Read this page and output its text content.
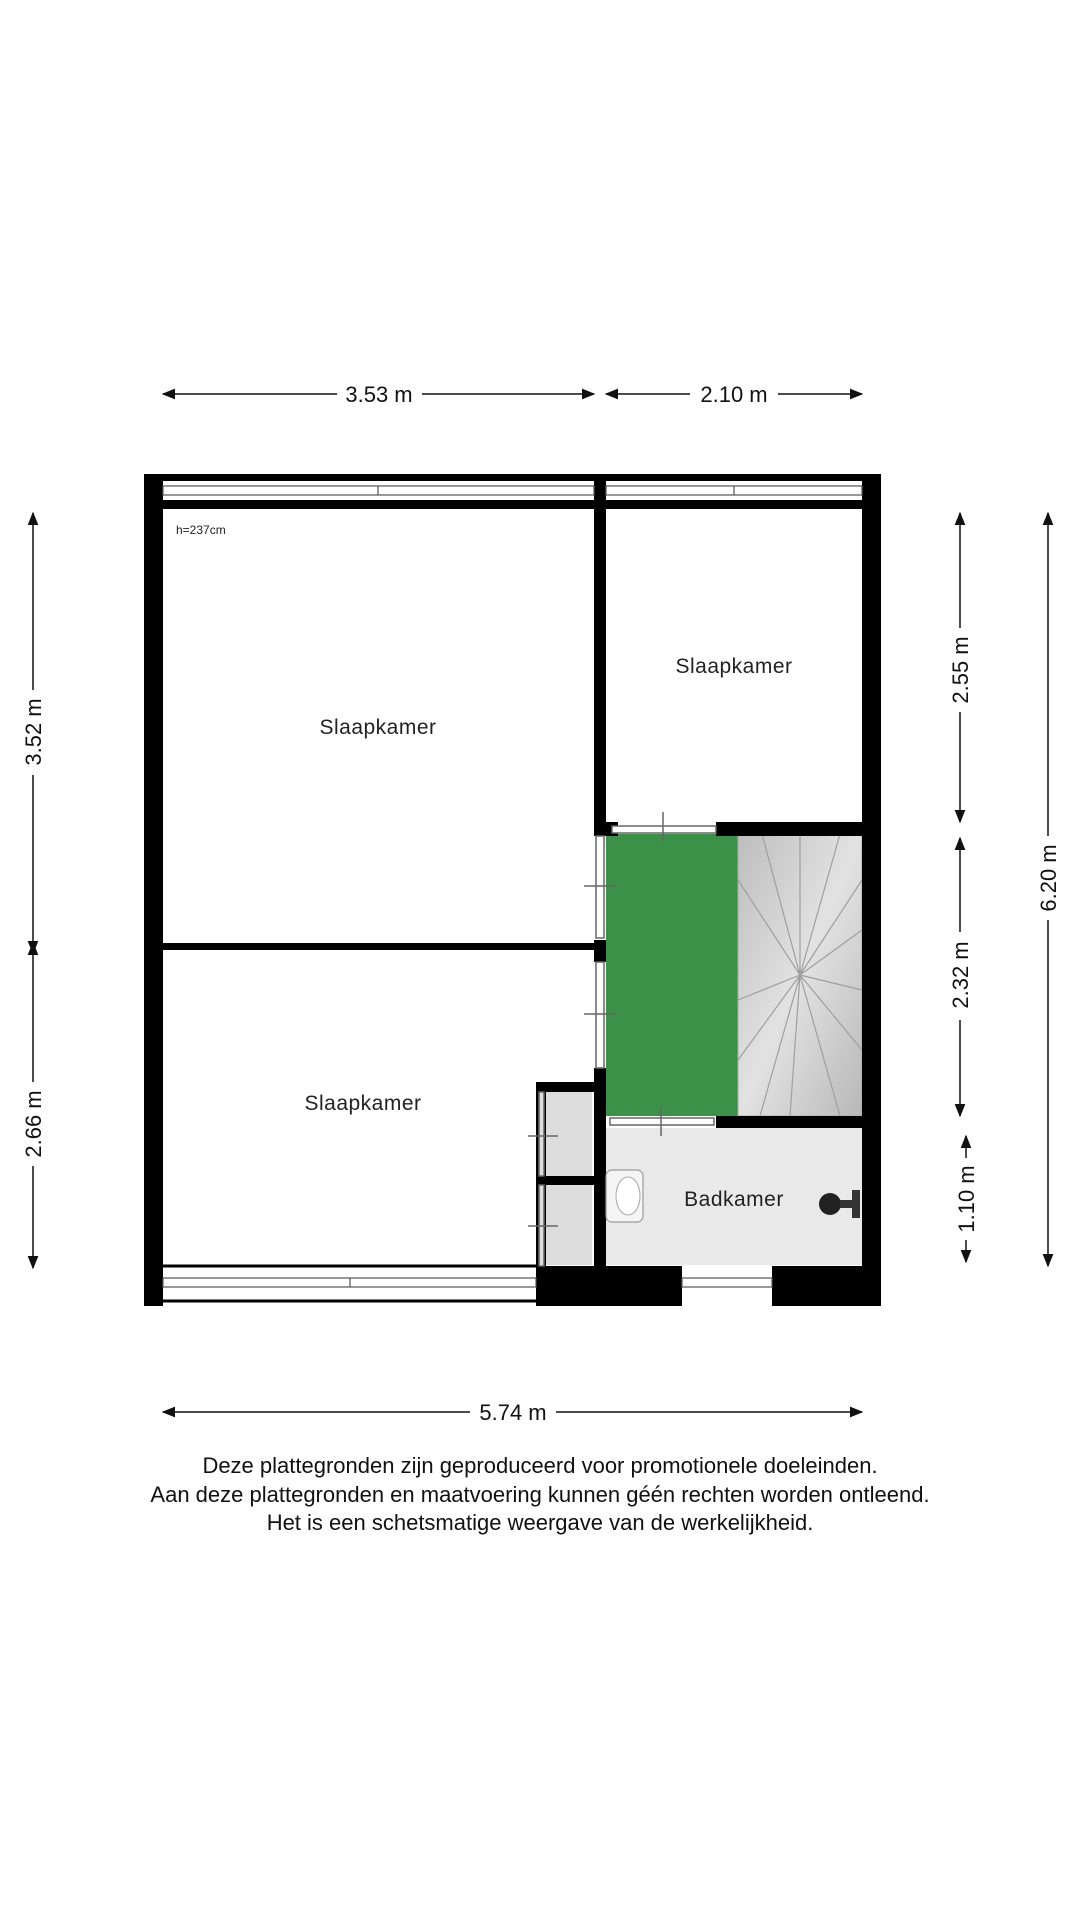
3.53 m	2.10 m
5.74 m
3.52 m
2.66 m
2.55 m
2.32 m
1.10 m
6.20 m
h=237cm
Slaapkamer
Slaapkamer
Slaapkamer
Badkamer
Deze plattegronden zijn geproduceerd voor promotionele doeleinden.
Aan deze plattegronden en maatvoering kunnen géén rechten worden ontleend.
Het is een schetsmatige weergave van de werkelijkheid.
